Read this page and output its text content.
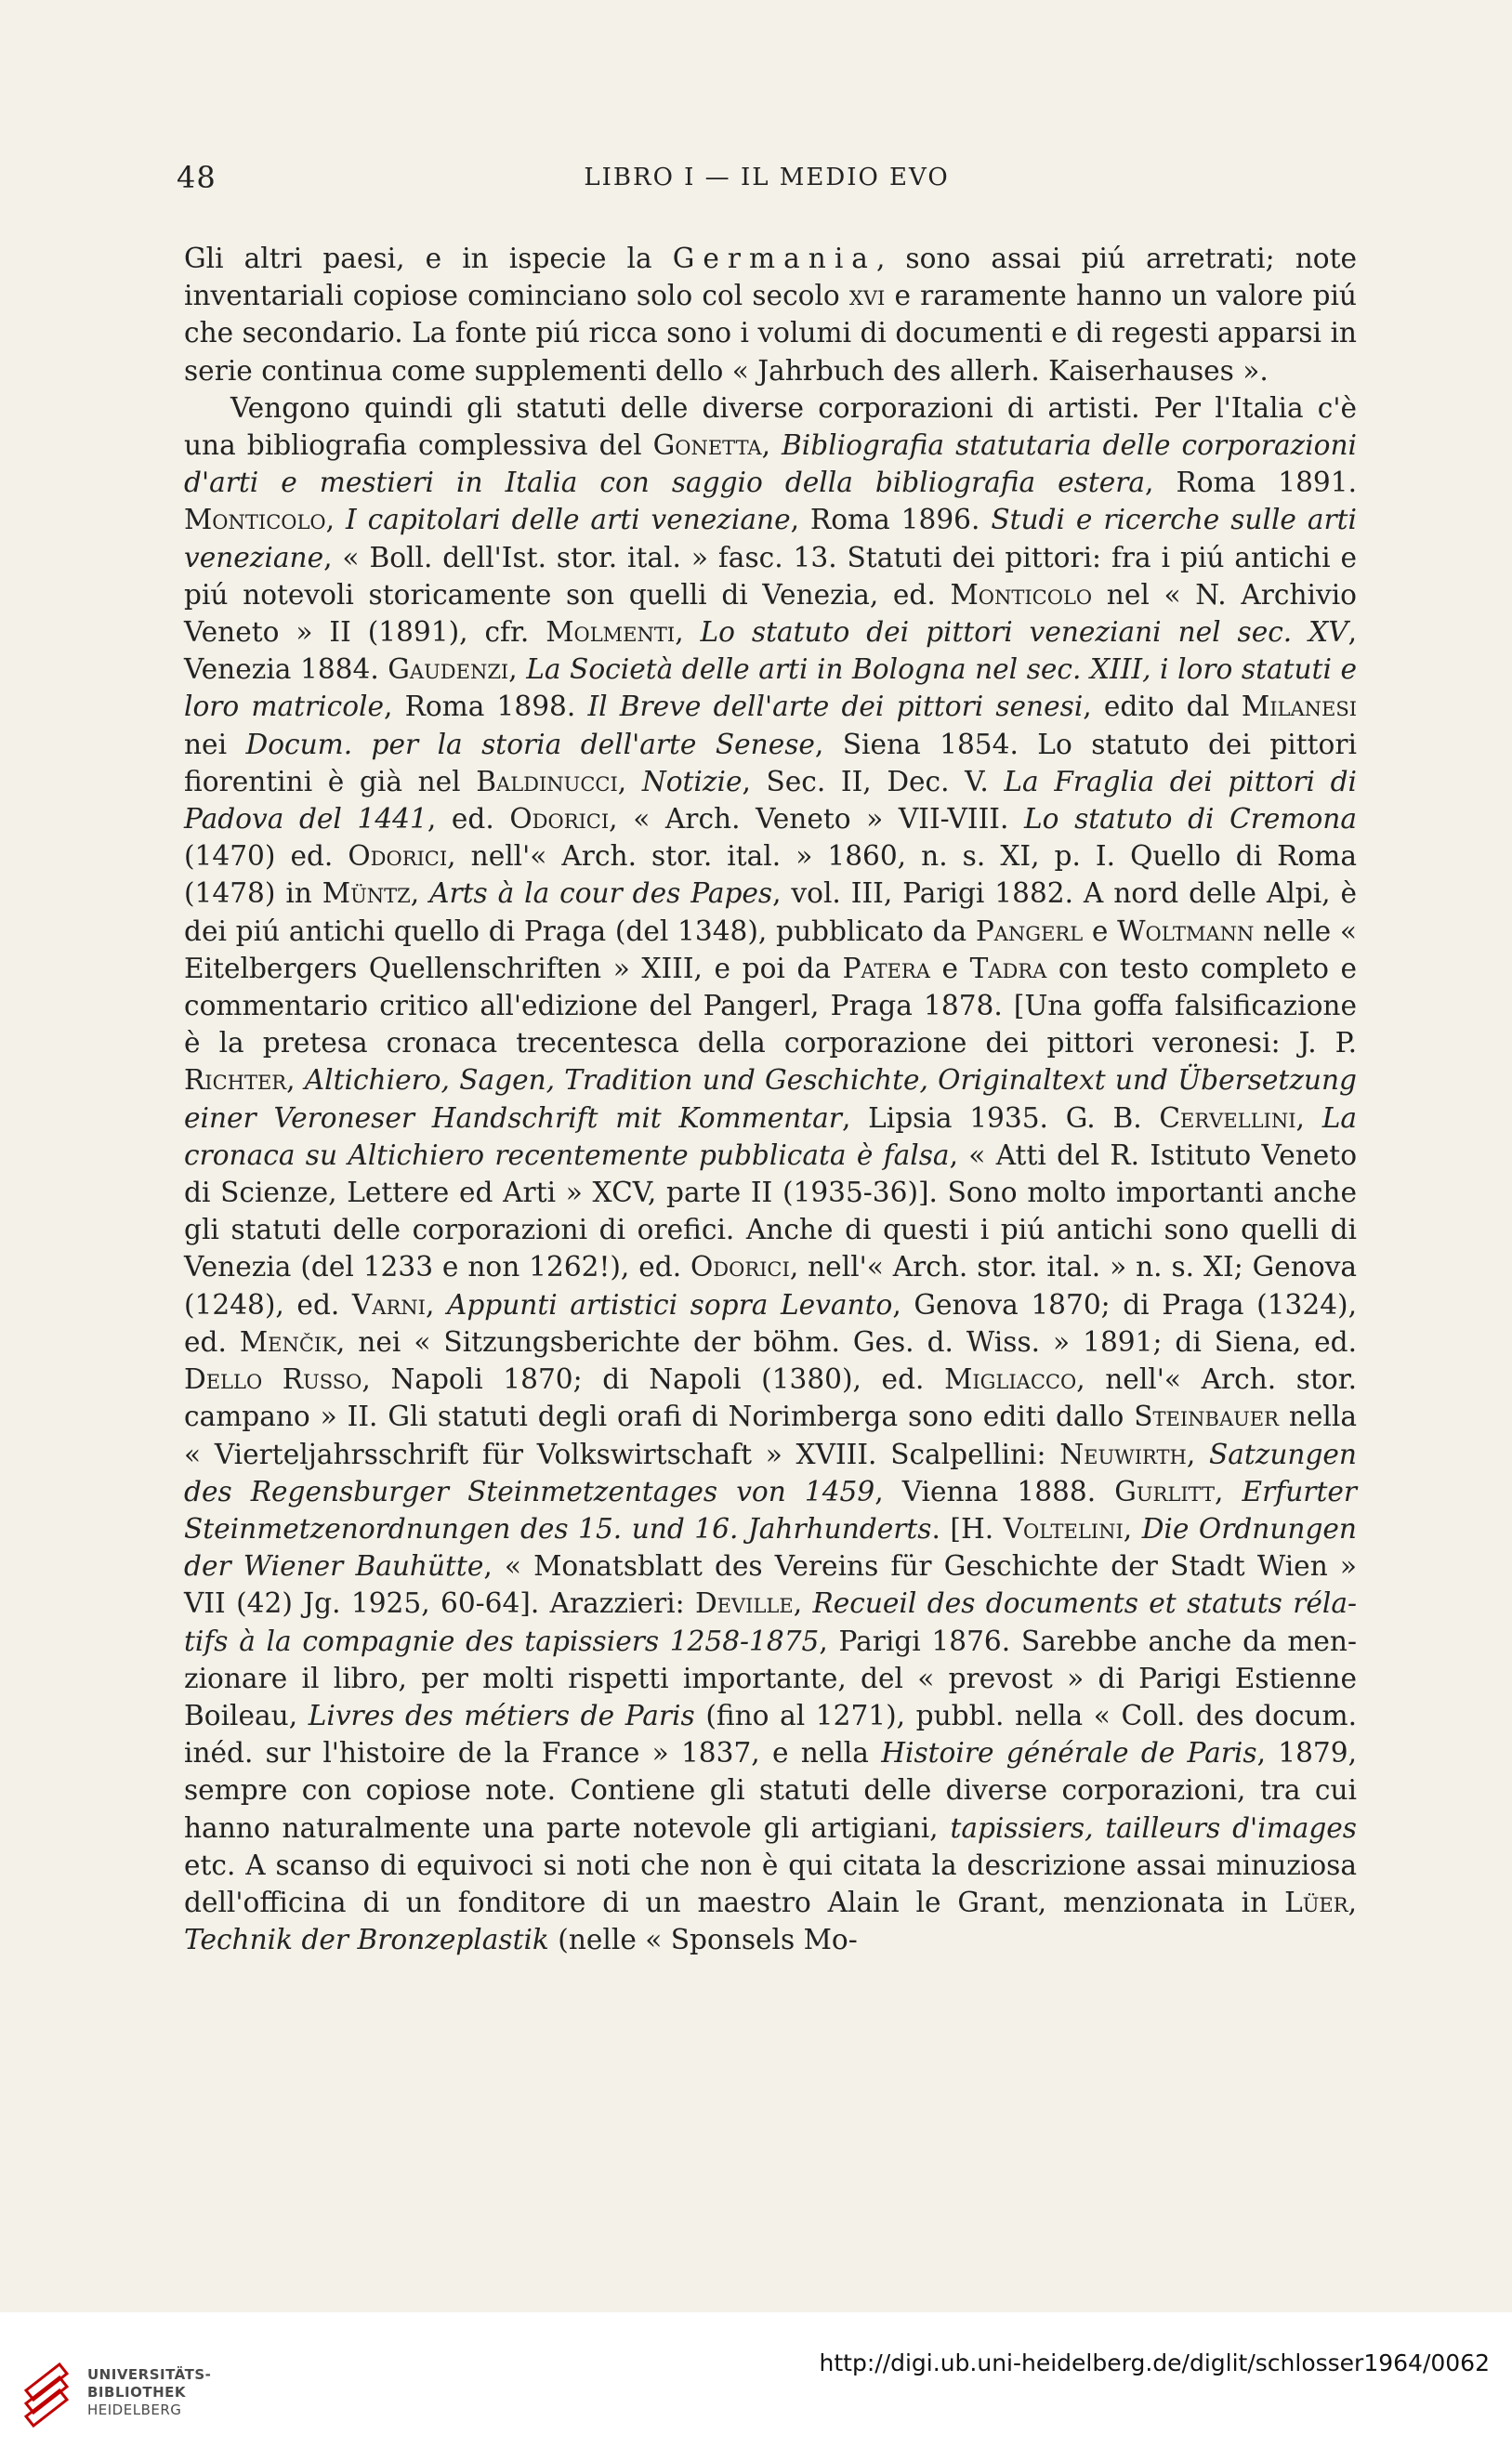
48	LIBRO I — IL MEDIO EVO

Gli altri paesi, e in ispecie la Germania, sono assai piú arretrati; note inventariali copiose cominciano solo col secolo xvi e raramente hanno un valore piú che secondario. La fonte piú ricca sono i volumi di documenti e di regesti apparsi in serie continua come supplementi dello « Jahrbuch des allerh. Kaiserhauses ».

Vengono quindi gli statuti delle diverse corporazioni di artisti. Per l'Italia c'è una bibliografia complessiva del Gonetta, Bibliografia statutaria delle corporazioni d'arti e mestieri in Italia con saggio della bibliografia estera, Roma 1891. Monticolo, I capitolari delle arti veneziane, Roma 1896. Studi e ricerche sulle arti veneziane, « Boll. dell'Ist. stor. ital. » fasc. 13. Statuti dei pittori: fra i piú antichi e piú notevoli storicamente son quelli di Venezia, ed. Monticolo nel « N. Archivio Veneto » II (1891), cfr. Molmenti, Lo statuto dei pittori veneziani nel sec. XV, Venezia 1884. Gaudenzi, La Società delle arti in Bologna nel sec. XIII, i loro statuti e loro matricole, Roma 1898. Il Breve dell'arte dei pittori senesi, edito dal Milanesi nei Docum. per la storia dell'arte Senese, Siena 1854. Lo statuto dei pittori fiorentini è già nel Baldinucci, Notizie, Sec. II, Dec. V. La Fraglia dei pittori di Padova del 1441, ed. Odorici, « Arch. Veneto » VII-VIII. Lo statuto di Cremona (1470) ed. Odorici, nell'« Arch. stor. ital. » 1860, n. s. XI, p. I. Quello di Roma (1478) in Müntz, Arts à la cour des Papes, vol. III, Parigi 1882. A nord delle Alpi, è dei piú antichi quello di Praga (del 1348), pubblicato da Pangerl e Woltmann nelle « Eitelbergers Quellenschriften » XIII, e poi da Patera e Tadra con testo completo e commentario critico all'edizione del Pangerl, Praga 1878. [Una goffa falsificazione è la pretesa cronaca trecentesca della corporazione dei pittori veronesi: J. P. Richter, Altichiero, Sagen, Tradition und Geschichte, Originaltext und Übersetzung einer Veroneser Handschrift mit Kommentar, Lipsia 1935. G. B. Cervellini, La cronaca su Altichiero recentemente pubblicata è falsa, « Atti del R. Istituto Veneto di Scienze, Lettere ed Arti » XCV, parte II (1935-36)]. Sono molto importanti anche gli statuti delle corporazioni di orefici. Anche di questi i piú antichi sono quelli di Venezia (del 1233 e non 1262!), ed. Odorici, nell'« Arch. stor. ital. » n. s. XI; Genova (1248), ed. Varni, Appunti artistici sopra Levanto, Genova 1870; di Praga (1324), ed. Menčik, nei « Sitzungsberichte der böhm. Ges. d. Wiss. » 1891; di Siena, ed. Dello Russo, Napoli 1870; di Napoli (1380), ed. Migliacco, nell'« Arch. stor. campano » II. Gli statuti degli orafi di Norimberga sono editi dallo Steinbauer nella « Vierteljahrsschrift für Volkswirtschaft » XVIII. Scalpellini: Neuwirth, Satzungen des Regensburger Steinmetzentages von 1459, Vienna 1888. Gurlitt, Erfurter Steinmetzenordnungen des 15. und 16. Jahrhunderts. [H. Voltelini, Die Ordnungen der Wiener Bauhütte, « Monatsblatt des Vereins für Geschichte der Stadt Wien » VII (42) Jg. 1925, 60-64]. Arazzieri: Deville, Recueil des documents et statuts rélatifs à la compagnie des tapissiers 1258-1875, Parigi 1876. Sarebbe anche da menzionare il libro, per molti rispetti importante, del « prevost » di Parigi Estienne Boileau, Livres des métiers de Paris (fino al 1271), pubbl. nella « Coll. des docum. inéd. sur l'histoire de la France » 1837, e nella Histoire générale de Paris, 1879, sempre con copiose note. Contiene gli statuti delle diverse corporazioni, tra cui hanno naturalmente una parte notevole gli artigiani, tapissiers, tailleurs d'images etc. A scanso di equivoci si noti che non è qui citata la descrizione assai minuziosa dell'officina di un fonditore di un maestro Alain le Grant, menzionata in Lüer, Technik der Bronzeplastik (nelle « Sponsels Mo-

UNIVERSITÄTS-
BIBLIOTHEK
HEIDELBERG
http://digi.ub.uni-heidelberg.de/diglit/schlosser1964/0062
